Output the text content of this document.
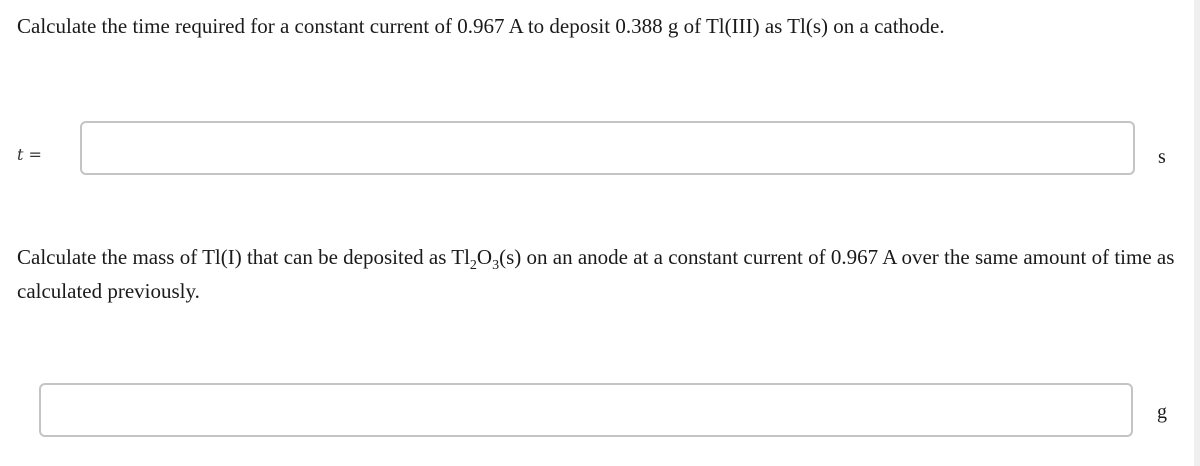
Calculate the time required for a constant current of 0.967 A to deposit 0.388 g of Tl(III) as Tl(s) on a cathode.
t =	s
Calculate the mass of Tl(I) that can be deposited as $Tl_2O_3(s)$ on an anode at a constant current of 0.967 A over the same amount of time as calculated previously.
g
